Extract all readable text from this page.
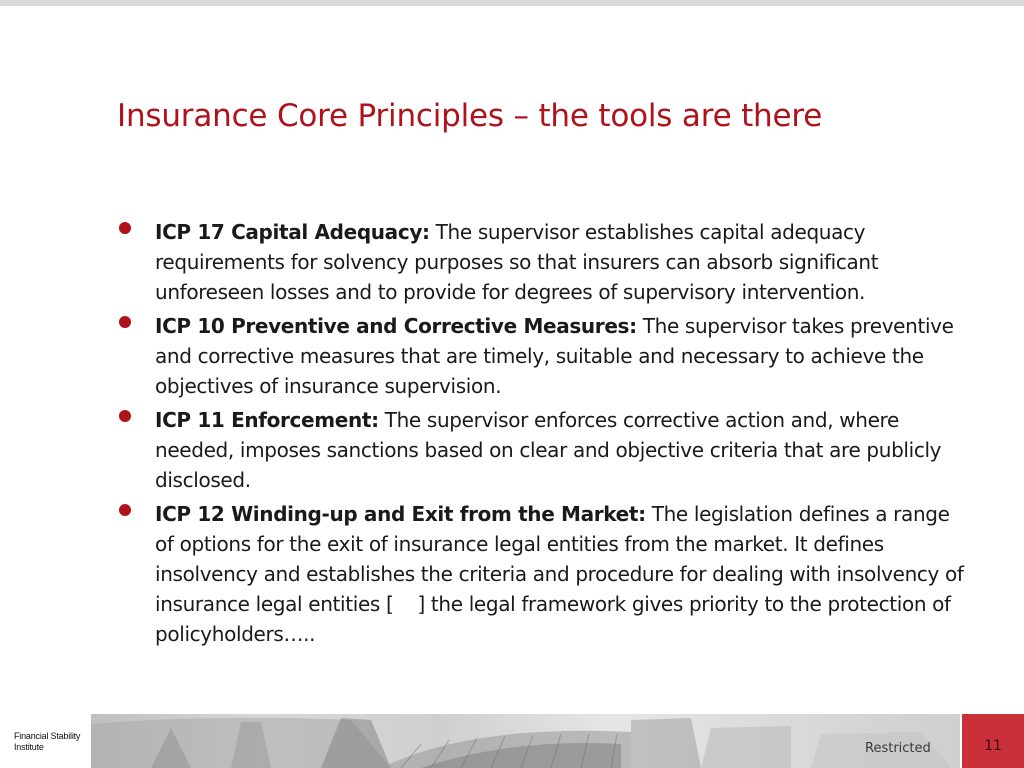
Insurance Core Principles – the tools are there
ICP 17 Capital Adequacy: The supervisor establishes capital adequacy requirements for solvency purposes so that insurers can absorb significant unforeseen losses and to provide for degrees of supervisory intervention.
ICP 10 Preventive and Corrective Measures: The supervisor takes preventive and corrective measures that are timely, suitable and necessary to achieve the objectives of insurance supervision.
ICP 11 Enforcement: The supervisor enforces corrective action and, where needed, imposes sanctions based on clear and objective criteria that are publicly disclosed.
ICP 12 Winding-up and Exit from the Market: The legislation defines a range of options for the exit of insurance legal entities from the market. It defines insolvency and establishes the criteria and procedure for dealing with insolvency of insurance legal entities [    ] the legal framework gives priority to the protection of policyholders…..
Financial Stability
Institute	Restricted	11
